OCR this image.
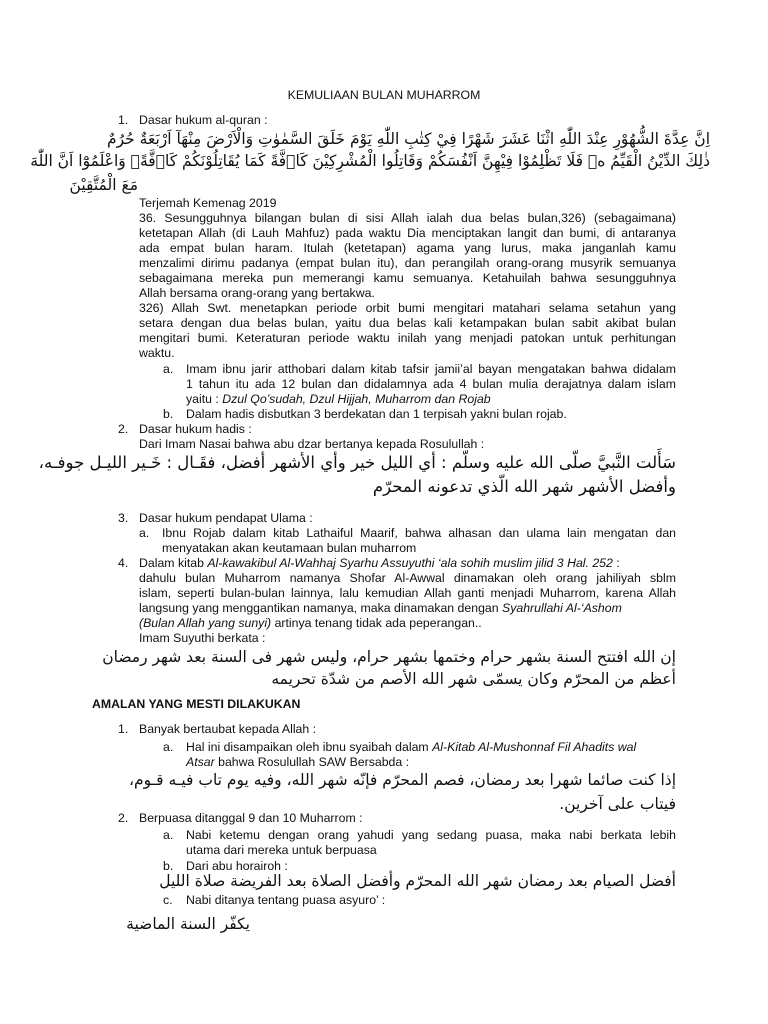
KEMULIAAN BULAN MUHARROM
1. Dasar hukum al-quran :
اِنَّ عِدَّةَ الشُّهُوْرِ عِنْدَ اللّٰهِ اثْنَا عَشَرَ شَهْرًا فِيْ كِتٰبِ اللّٰهِ يَوْمَ خَلَقَ السَّمٰوٰتِ وَالْاَرْضَ مِنْهَآ اَرْبَعَةٌ حُرُمٌ
ذٰلِكَ الدِّيْنُ الْقَيِّمُ ەۙ فَلَا تَظْلِمُوْا فِيْهِنَّ اَنْفُسَكُمْ وَقَاتِلُوا الْمُشْرِكِيْنَ كَاۤفَّةً كَمَا يُقَاتِلُوْنَكُمْ كَاۤفَّةًۗ وَاعْلَمُوْٓا اَنَّ اللّٰهَ
مَعَ الْمُتَّقِيْنَ
Terjemah Kemenag 2019
36. Sesungguhnya bilangan bulan di sisi Allah ialah dua belas bulan,326) (sebagaimana)
ketetapan Allah (di Lauh Mahfuz) pada waktu Dia menciptakan langit dan bumi, di antaranya
ada empat bulan haram. Itulah (ketetapan) agama yang lurus, maka janganlah kamu
menzalimi dirimu padanya (empat bulan itu), dan perangilah orang-orang musyrik semuanya
sebagaimana mereka pun memerangi kamu semuanya. Ketahuilah bahwa sesungguhnya
Allah bersama orang-orang yang bertakwa.
326) Allah Swt. menetapkan periode orbit bumi mengitari matahari selama setahun yang
setara dengan dua belas bulan, yaitu dua belas kali ketampakan bulan sabit akibat bulan
mengitari bumi. Keteraturan periode waktu inilah yang menjadi patokan untuk perhitungan
waktu.
a. Imam ibnu jarir atthobari dalam kitab tafsir jamii’al bayan mengatakan bahwa didalam
1 tahun itu ada 12 bulan dan didalamnya ada 4 bulan mulia derajatnya dalam islam
yaitu : Dzul Qo’sudah, Dzul Hijjah, Muharrom dan Rojab
b. Dalam hadis disbutkan 3 berdekatan dan 1 terpisah yakni bulan rojab.
2. Dasar hukum hadis :
Dari Imam Nasai bahwa abu dzar bertanya kepada Rosulullah :
سَأَلت النَّبيَّ صلّى الله عليه وسلّم : أي الليل خير وأي الأشهر أفضل، فقَـال : خَـير الليـل جوفـه،
وأفضل الأشهر شهر الله الّذي تدعونه المحرّم
3. Dasar hukum pendapat Ulama :
a. Ibnu Rojab dalam kitab Lathaiful Maarif, bahwa alhasan dan ulama lain mengatan dan
menyatakan akan keutamaan bulan muharrom
4. Dalam kitab Al-kawakibul Al-Wahhaj Syarhu Assuyuthi ‘ala sohih muslim jilid 3 Hal. 252 :
dahulu bulan Muharrom namanya Shofar Al-Awwal dinamakan oleh orang jahiliyah sblm
islam, seperti bulan-bulan lainnya, lalu kemudian Allah ganti menjadi Muharrom, karena Allah
langsung yang menggantikan namanya, maka dinamakan dengan Syahrullahi Al-‘Ashom
(Bulan Allah yang sunyi) artinya tenang tidak ada peperangan..
Imam Suyuthi berkata :
إن الله افتتح السنة بشهر حرام وختمها بشهر حرام، وليس شهر فى السنة بعد شهر رمضان
أعظم من المحرّم وكان يسمّى شهر الله الأصم من شدّة تحريمه
AMALAN YANG MESTI DILAKUKAN
1. Banyak bertaubat kepada Allah :
a. Hal ini disampaikan oleh ibnu syaibah dalam Al-Kitab Al-Mushonnaf Fil Ahadits wal
Atsar bahwa Rosulullah SAW Bersabda :
إذا كنت صائما شهرا بعد رمضان، فصم المحرّم فإنّه شهر الله، وفيه يوم تاب فيـه قـوم،
فيتاب على آخرين.
2. Berpuasa ditanggal 9 dan 10 Muharrom :
a. Nabi ketemu dengan orang yahudi yang sedang puasa, maka nabi berkata lebih
utama dari mereka untuk berpuasa
b. Dari abu horairoh :
أفضل الصيام بعد رمضان شهر الله المحرّم وأفضل الصلاة بعد الفريضة صلاة الليل
c. Nabi ditanya tentang puasa asyuro’ :
يكفّر السنة الماضية
